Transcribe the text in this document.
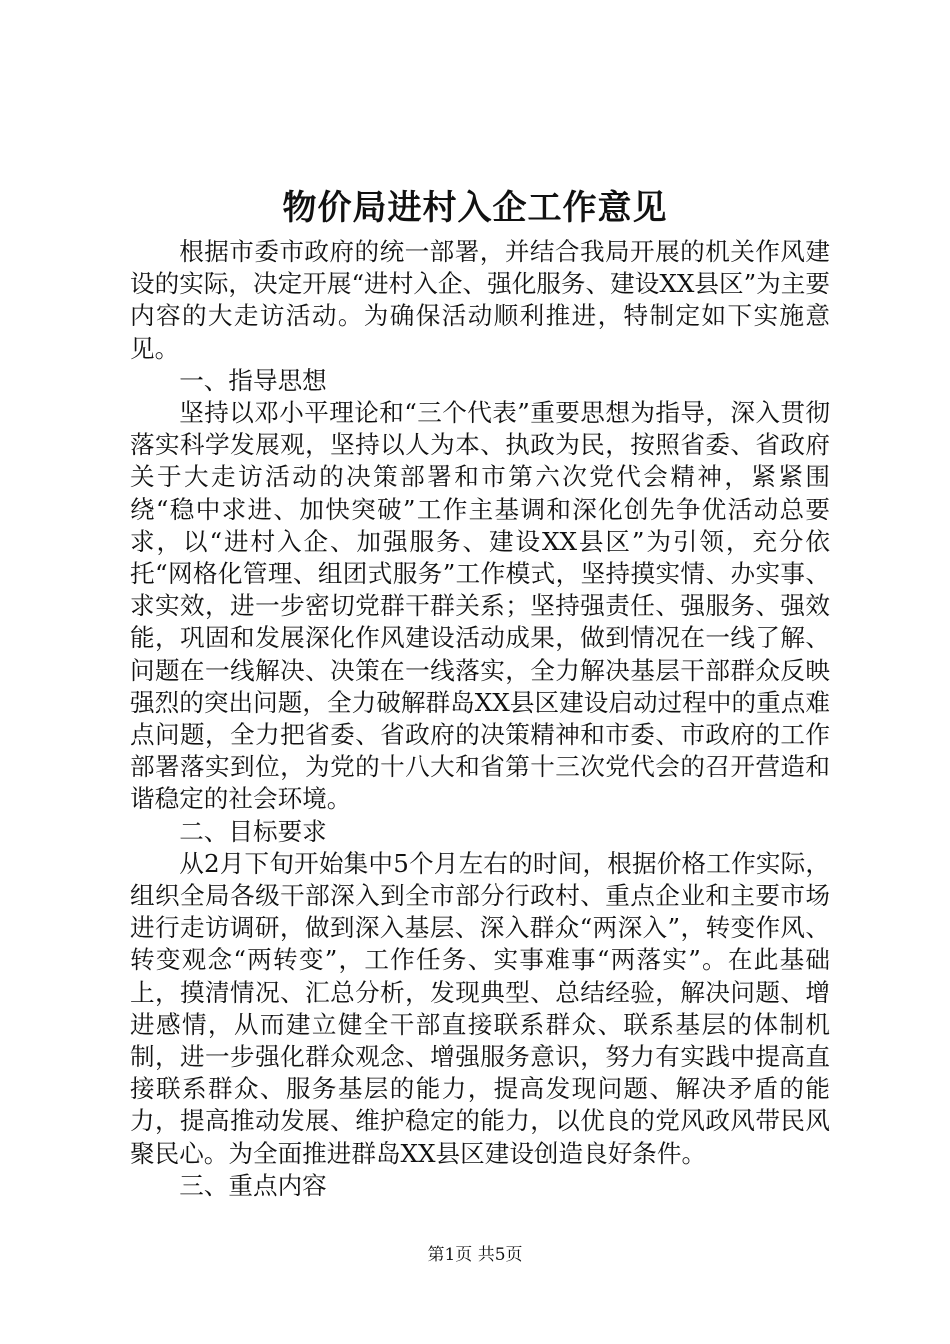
物价局进村入企工作意见

根据市委市政府的统一部署，并结合我局开展的机关作风建设的实际，决定开展“进村入企、强化服务、建设XX县区”为主要内容的大走访活动。为确保活动顺利推进，特制定如下实施意见。

一、指导思想

坚持以邓小平理论和“三个代表”重要思想为指导，深入贯彻落实科学发展观，坚持以人为本、执政为民，按照省委、省政府关于大走访活动的决策部署和市第六次党代会精神，紧紧围绕“稳中求进、加快突破”工作主基调和深化创先争优活动总要求，以“进村入企、加强服务、建设XX县区”为引领，充分依托“网格化管理、组团式服务”工作模式，坚持摸实情、办实事、求实效，进一步密切党群干群关系；坚持强责任、强服务、强效能，巩固和发展深化作风建设活动成果，做到情况在一线了解、问题在一线解决、决策在一线落实，全力解决基层干部群众反映强烈的突出问题，全力破解群岛XX县区建设启动过程中的重点难点问题，全力把省委、省政府的决策精神和市委、市政府的工作部署落实到位，为党的十八大和省第十三次党代会的召开营造和谐稳定的社会环境。

二、目标要求

从2月下旬开始集中5个月左右的时间，根据价格工作实际，组织全局各级干部深入到全市部分行政村、重点企业和主要市场进行走访调研，做到深入基层、深入群众“两深入”，转变作风、转变观念“两转变”，工作任务、实事难事“两落实”。在此基础上，摸清情况、汇总分析，发现典型、总结经验，解决问题、增进感情，从而建立健全干部直接联系群众、联系基层的体制机制，进一步强化群众观念、增强服务意识，努力有实践中提高直接联系群众、服务基层的能力，提高发现问题、解决矛盾的能力，提高推动发展、维护稳定的能力，以优良的党风政风带民风聚民心。为全面推进群岛XX县区建设创造良好条件。

三、重点内容

第1页 共5页
